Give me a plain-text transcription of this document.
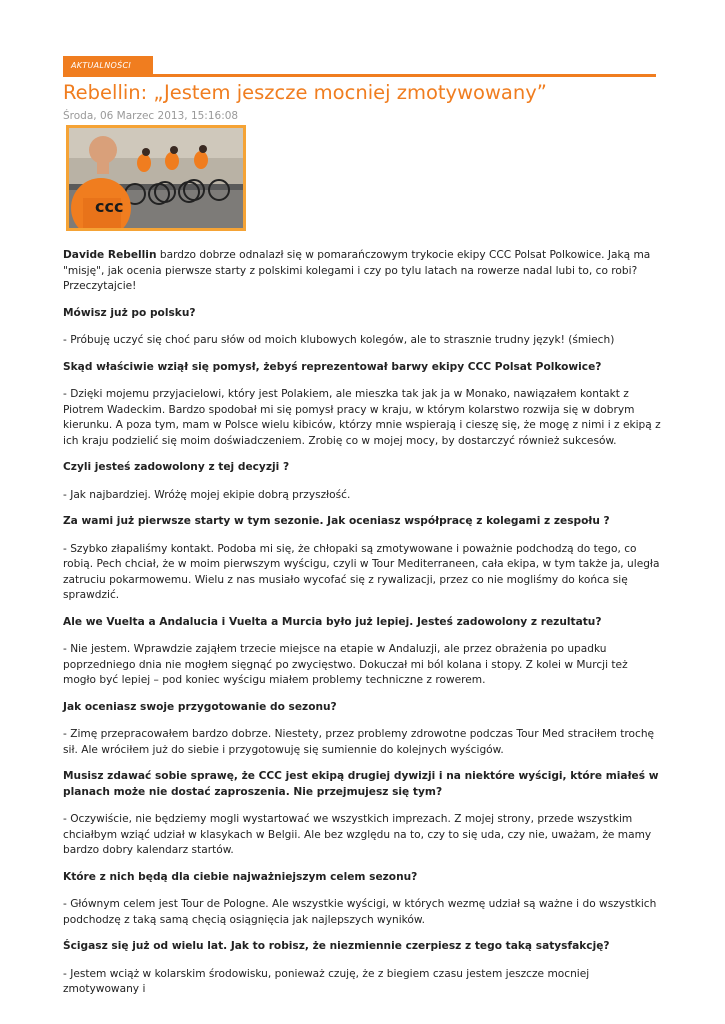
AKTUALNOŚCI
Rebellin: „Jestem jeszcze mocniej zmotywowany”
Środa, 06 Marzec 2013, 15:16:08
ccc

Davide Rebellin bardzo dobrze odnalazł się w pomarańczowym trykocie ekipy CCC Polsat Polkowice. Jaką ma "misję", jak ocenia pierwsze starty z polskimi kolegami i czy po tylu latach na rowerze nadal lubi to, co robi? Przeczytajcie!

Mówisz już po polsku?

- Próbuję uczyć się choć paru słów od moich klubowych kolegów, ale to strasznie trudny język! (śmiech)

Skąd właściwie wziął się pomysł, żebyś reprezentował barwy ekipy CCC Polsat Polkowice?

- Dzięki mojemu przyjacielowi, który jest Polakiem, ale mieszka tak jak ja w Monako, nawiązałem kontakt z Piotrem Wadeckim. Bardzo spodobał mi się pomysł pracy w kraju, w którym kolarstwo rozwija się w dobrym kierunku. A poza tym, mam w Polsce wielu kibiców, którzy mnie wspierają i cieszę się, że mogę z nimi i z ekipą z ich kraju podzielić się moim doświadczeniem. Zrobię co w mojej mocy, by dostarczyć również sukcesów.

Czyli jesteś zadowolony z tej decyzji ?

- Jak najbardziej. Wróżę mojej ekipie dobrą przyszłość.

Za wami już pierwsze starty w tym sezonie. Jak oceniasz współpracę z kolegami z zespołu ?

- Szybko złapaliśmy kontakt. Podoba mi się, że chłopaki są zmotywowane i poważnie podchodzą do tego, co robią. Pech chciał, że w moim pierwszym wyścigu, czyli w Tour Mediterraneen, cała ekipa, w tym także ja, uległa zatruciu pokarmowemu. Wielu z nas musiało wycofać się z rywalizacji, przez co nie mogliśmy do końca się sprawdzić.

Ale we Vuelta a Andalucia i Vuelta a Murcia było już lepiej. Jesteś zadowolony z rezultatu?

- Nie jestem. Wprawdzie zająłem trzecie miejsce na etapie w Andaluzji, ale przez obrażenia po upadku poprzedniego dnia nie mogłem sięgnąć po zwycięstwo. Dokuczał mi ból kolana i stopy. Z kolei w Murcji też mogło być lepiej – pod koniec wyścigu miałem problemy techniczne z rowerem.

Jak oceniasz swoje przygotowanie do sezonu?

- Zimę przepracowałem bardzo dobrze. Niestety, przez problemy zdrowotne podczas Tour Med straciłem trochę sił. Ale wróciłem już do siebie i przygotowuję się sumiennie do kolejnych wyścigów.

Musisz zdawać sobie sprawę, że CCC jest ekipą drugiej dywizji i na niektóre wyścigi, które miałeś w planach może nie dostać zaproszenia. Nie przejmujesz się tym?

- Oczywiście, nie będziemy mogli wystartować we wszystkich imprezach. Z mojej strony, przede wszystkim chciałbym wziąć udział w klasykach w Belgii. Ale bez względu na to, czy to się uda, czy nie, uważam, że mamy bardzo dobry kalendarz startów.

Które z nich będą dla ciebie najważniejszym celem sezonu?

- Głównym celem jest Tour de Pologne. Ale wszystkie wyścigi, w których wezmę udział są ważne i do wszystkich podchodzę z taką samą chęcią osiągnięcia jak najlepszych wyników.

Ścigasz się już od wielu lat. Jak to robisz, że niezmiennie czerpiesz z tego taką satysfakcję?

- Jestem wciąż w kolarskim środowisku, ponieważ czuję, że z biegiem czasu jestem jeszcze mocniej zmotywowany i
